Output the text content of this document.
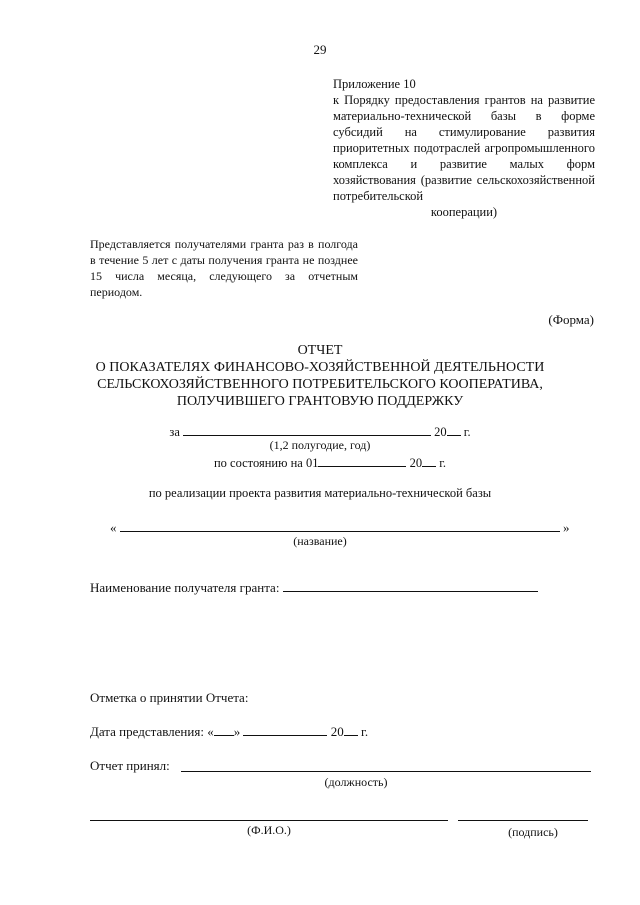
29
Приложение 10
к Порядку предоставления грантов на развитие материально-технической базы в форме субсидий на стимулирование развития приоритетных подотраслей агропромышленного комплекса и развитие малых форм хозяйствования (развитие сельскохозяйственной потребительской
кооперации)
Представляется получателями гранта раз в полгода в течение 5 лет с даты получения гранта не позднее 15 числа месяца, следующего за отчетным периодом.
(Форма)
ОТЧЕТ
О ПОКАЗАТЕЛЯХ ФИНАНСОВО-ХОЗЯЙСТВЕННОЙ ДЕЯТЕЛЬНОСТИ
СЕЛЬСКОХОЗЯЙСТВЕННОГО ПОТРЕБИТЕЛЬСКОГО КООПЕРАТИВА,
ПОЛУЧИВШЕГО ГРАНТОВУЮ ПОДДЕРЖКУ
за	20 г.
(1,2 полугодие, год)
по состоянию на 01	20 г.
по реализации проекта развития материально-технической базы
«	»
(название)
Наименование получателя гранта:
Отметка о принятии Отчета:
Дата представления: « »	20 г.
Отчет принял:
(должность)
(Ф.И.О.)	(подпись)
